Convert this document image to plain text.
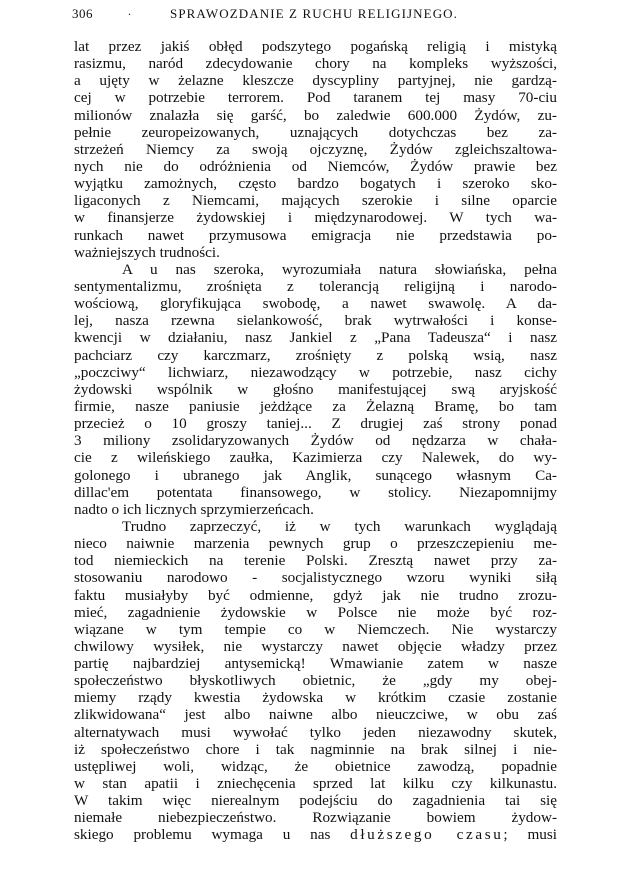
306	.	SPRAWOZDANIE Z RUCHU RELIGIJNEGO.
lat przez jakiś obłęd podszytego pogańską religią i mistyką
rasizmu, naród zdecydowanie chory na kompleks wyższości,
a ujęty w żelazne kleszcze dyscypliny partyjnej, nie gardzą-
cej w potrzebie terrorem. Pod taranem tej masy 70-ciu
milionów znalazła się garść, bo zaledwie 600.000 Żydów, zu-
pełnie zeuropeizowanych, uznających dotychczas bez za-
strzeżeń Niemcy za swoją ojczyznę, Żydów zgleichszaltowa-
nych nie do odróżnienia od Niemców, Żydów prawie bez
wyjątku zamożnych, często bardzo bogatych i szeroko sko-
ligaconych z Niemcami, mających szerokie i silne oparcie
w finansjerze żydowskiej i międzynarodowej. W tych wa-
runkach nawet przymusowa emigracja nie przedstawia po-
ważniejszych trudności.
A u nas szeroka, wyrozumiała natura słowiańska, pełna
sentymentalizmu, zrośnięta z tolerancją religijną i narodo-
wościową, gloryfikująca swobodę, a nawet swawolę. A da-
lej, nasza rzewna sielankowość, brak wytrwałości i konse-
kwencji w działaniu, nasz Jankiel z „Pana Tadeusza“ i nasz
pachciarz czy karczmarz, zrośnięty z polską wsią, nasz
„poczciwy“ lichwiarz, niezawodzący w potrzebie, nasz cichy
żydowski wspólnik w głośno manifestującej swą aryjskość
firmie, nasze paniusie jeżdżące za Żelazną Bramę, bo tam
przecież o 10 groszy taniej... Z drugiej zaś strony ponad
3 miliony zsolidaryzowanych Żydów od nędzarza w chała-
cie z wileńskiego zaułka, Kazimierza czy Nalewek, do wy-
golonego i ubranego jak Anglik, sunącego własnym Ca-
dillac'em potentata finansowego, w stolicy. Niezapomnijmy
nadto o ich licznych sprzymierzeńcach.
Trudno zaprzeczyć, iż w tych warunkach wyglądają
nieco naiwnie marzenia pewnych grup o przeszczepieniu me-
tod niemieckich na terenie Polski. Zresztą nawet przy za-
stosowaniu narodowo - socjalistycznego wzoru wyniki siłą
faktu musiałyby być odmienne, gdyż jak nie trudno zrozu-
mieć, zagadnienie żydowskie w Polsce nie może być roz-
wiązane w tym tempie co w Niemczech. Nie wystarczy
chwilowy wysiłek, nie wystarczy nawet objęcie władzy przez
partię najbardziej antysemicką! Wmawianie zatem w nasze
społeczeństwo błyskotliwych obietnic, że „gdy my obej-
miemy rządy kwestia żydowska w krótkim czasie zostanie
zlikwidowana“ jest albo naiwne albo nieuczciwe, w obu zaś
alternatywach musi wywołać tylko jeden niezawodny skutek,
iż społeczeństwo chore i tak nagminnie na brak silnej i nie-
ustępliwej woli, widząc, że obietnice zawodzą, popadnie
w stan apatii i zniechęcenia sprzed lat kilku czy kilkunastu.
W takim więc nierealnym podejściu do zagadnienia tai się
niemałe niebezpieczeństwo. Rozwiązanie bowiem żydow-
skiego problemu wymaga u nas dłuższego czasu; musi
